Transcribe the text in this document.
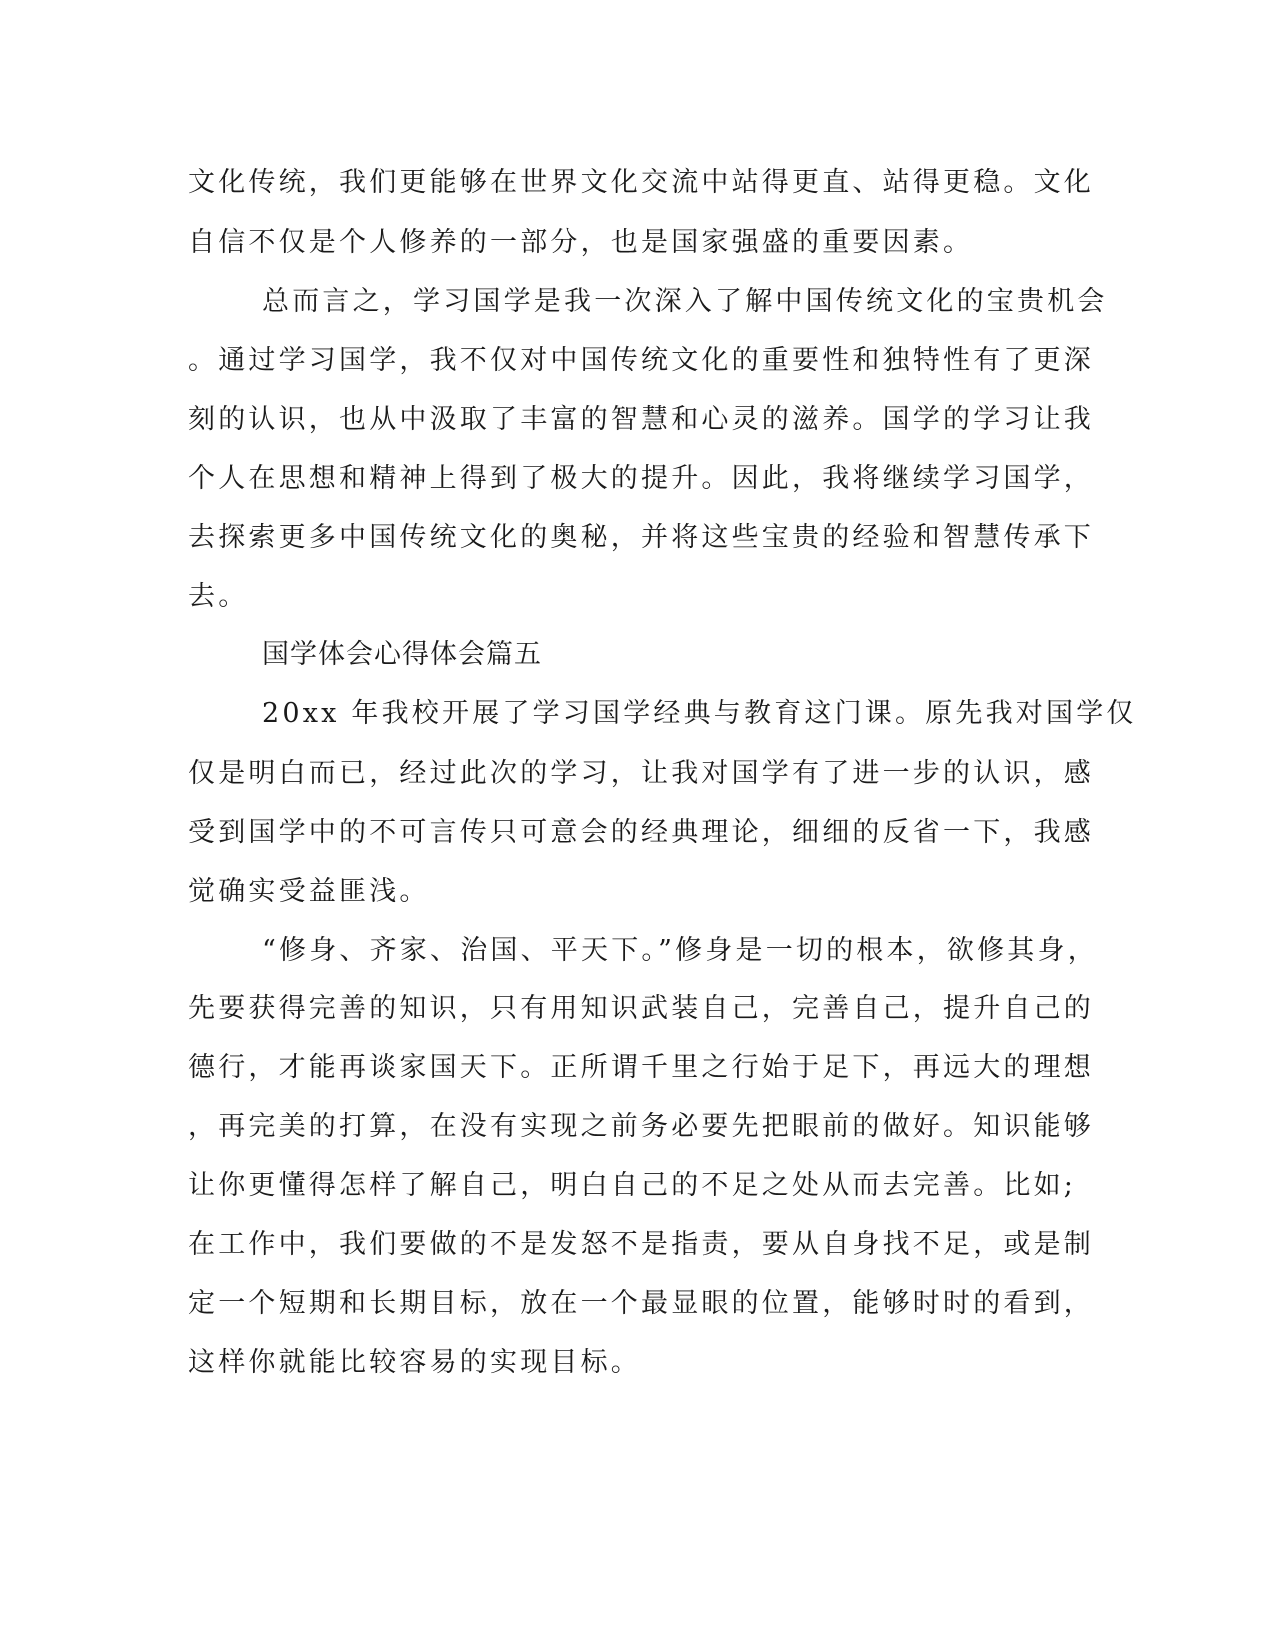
文化传统，我们更能够在世界文化交流中站得更直、站得更稳。文化
自信不仅是个人修养的一部分，也是国家强盛的重要因素。
总而言之，学习国学是我一次深入了解中国传统文化的宝贵机会
。通过学习国学，我不仅对中国传统文化的重要性和独特性有了更深
刻的认识，也从中汲取了丰富的智慧和心灵的滋养。国学的学习让我
个人在思想和精神上得到了极大的提升。因此，我将继续学习国学，
去探索更多中国传统文化的奥秘，并将这些宝贵的经验和智慧传承下
去。
国学体会心得体会篇五
20xx 年我校开展了学习国学经典与教育这门课。原先我对国学仅
仅是明白而已，经过此次的学习，让我对国学有了进一步的认识，感
受到国学中的不可言传只可意会的经典理论，细细的反省一下，我感
觉确实受益匪浅。
“修身、齐家、治国、平天下。”修身是一切的根本，欲修其身，
先要获得完善的知识，只有用知识武装自己，完善自己，提升自己的
德行，才能再谈家国天下。正所谓千里之行始于足下，再远大的理想
，再完美的打算，在没有实现之前务必要先把眼前的做好。知识能够
让你更懂得怎样了解自己，明白自己的不足之处从而去完善。比如;
在工作中，我们要做的不是发怒不是指责，要从自身找不足，或是制
定一个短期和长期目标，放在一个最显眼的位置，能够时时的看到，
这样你就能比较容易的实现目标。
